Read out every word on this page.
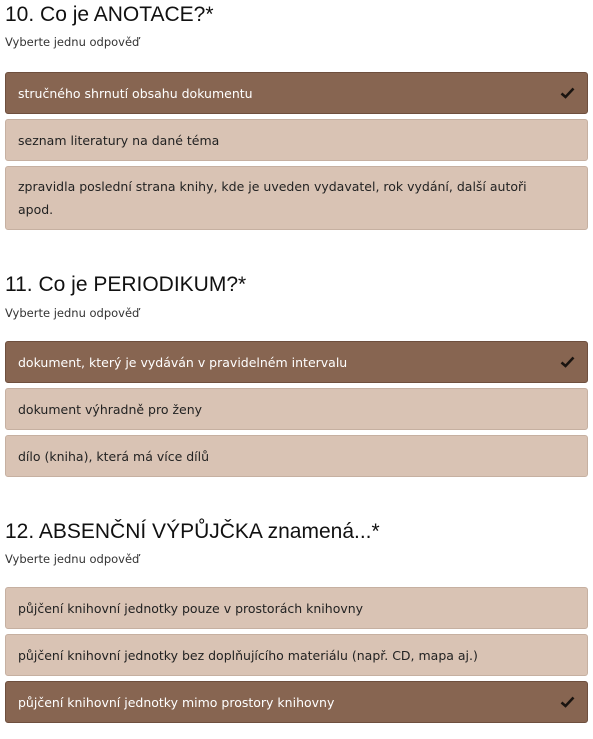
10. Co je ANOTACE?*
Vyberte jednu odpověď
stručného shrnutí obsahu dokumentu
seznam literatury na dané téma
zpravidla poslední strana knihy, kde je uveden vydavatel, rok vydání, další autoři apod.
11. Co je PERIODIKUM?*
Vyberte jednu odpověď
dokument, který je vydáván v pravidelném intervalu
dokument výhradně pro ženy
dílo (kniha), která má více dílů
12. ABSENČNÍ VÝPŮJČKA znamená...*
Vyberte jednu odpověď
půjčení knihovní jednotky pouze v prostorách knihovny
půjčení knihovní jednotky bez doplňujícího materiálu (např. CD, mapa aj.)
půjčení knihovní jednotky mimo prostory knihovny
